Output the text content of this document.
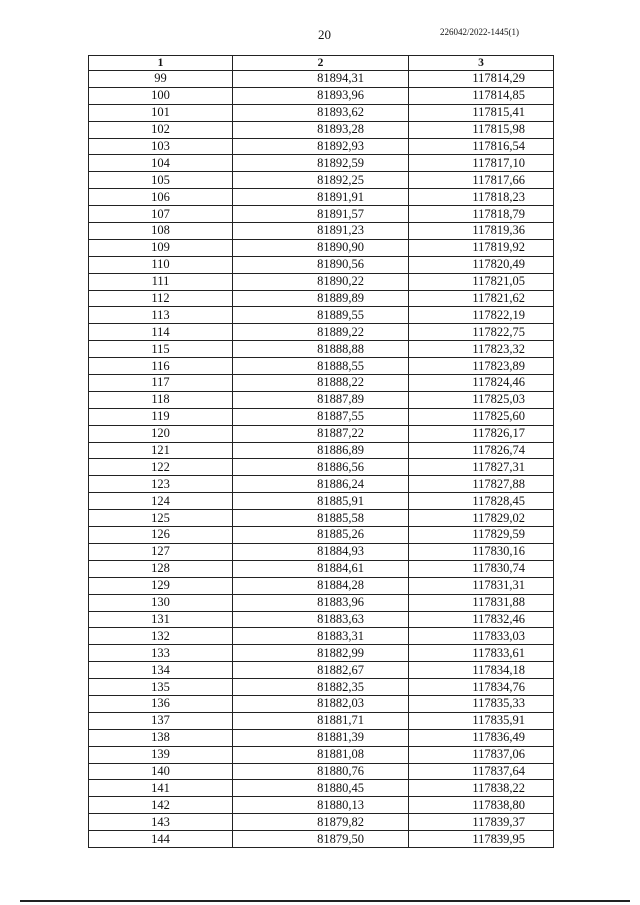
20	226042/2022-1445(1)
1	2	3
99	81894,31	117814,29
100	81893,96	117814,85
101	81893,62	117815,41
102	81893,28	117815,98
103	81892,93	117816,54
104	81892,59	117817,10
105	81892,25	117817,66
106	81891,91	117818,23
107	81891,57	117818,79
108	81891,23	117819,36
109	81890,90	117819,92
110	81890,56	117820,49
111	81890,22	117821,05
112	81889,89	117821,62
113	81889,55	117822,19
114	81889,22	117822,75
115	81888,88	117823,32
116	81888,55	117823,89
117	81888,22	117824,46
118	81887,89	117825,03
119	81887,55	117825,60
120	81887,22	117826,17
121	81886,89	117826,74
122	81886,56	117827,31
123	81886,24	117827,88
124	81885,91	117828,45
125	81885,58	117829,02
126	81885,26	117829,59
127	81884,93	117830,16
128	81884,61	117830,74
129	81884,28	117831,31
130	81883,96	117831,88
131	81883,63	117832,46
132	81883,31	117833,03
133	81882,99	117833,61
134	81882,67	117834,18
135	81882,35	117834,76
136	81882,03	117835,33
137	81881,71	117835,91
138	81881,39	117836,49
139	81881,08	117837,06
140	81880,76	117837,64
141	81880,45	117838,22
142	81880,13	117838,80
143	81879,82	117839,37
144	81879,50	117839,95
